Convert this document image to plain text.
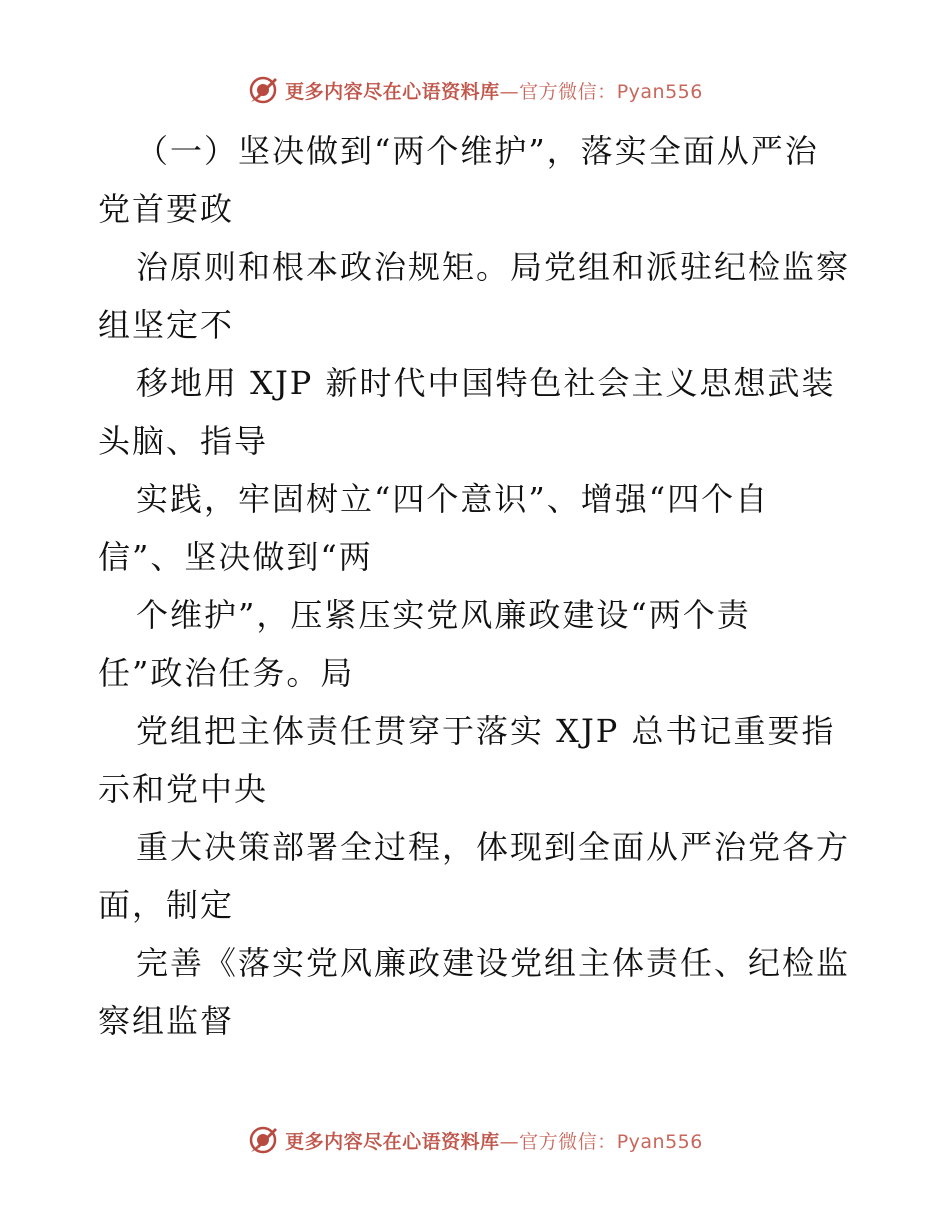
更多内容尽在心语资料库—官方微信：Pyan556
（一）坚决做到“两个维护”，落实全面从严治
党首要政
治原则和根本政治规矩。局党组和派驻纪检监察
组坚定不
移地用 XJP 新时代中国特色社会主义思想武装
头脑、指导
实践，牢固树立“四个意识”、增强“四个自
信”、坚决做到“两
个维护”，压紧压实党风廉政建设“两个责
任”政治任务。局
党组把主体责任贯穿于落实 XJP 总书记重要指
示和党中央
重大决策部署全过程，体现到全面从严治党各方
面，制定
完善《落实党风廉政建设党组主体责任、纪检监
察组监督
更多内容尽在心语资料库—官方微信：Pyan556
